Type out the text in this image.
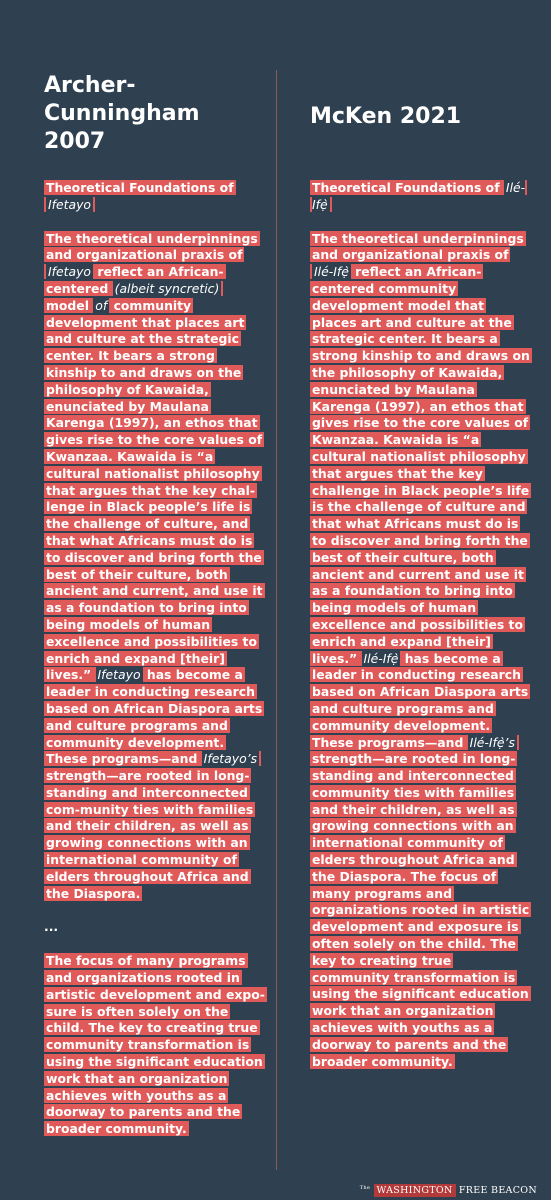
Archer-Cunningham 2007

Theoretical Foundations of Ifetayo

The theoretical underpinnings and organizational praxis of Ifetayo reflect an African-centered (albeit syncretic) model of community development that places art and culture at the strategic center. It bears a strong kinship to and draws on the philosophy of Kawaida, enunciated by Maulana Karenga (1997), an ethos that gives rise to the core values of Kwanzaa. Kawaida is “a cultural nationalist philosophy that argues that the key chal-lenge in Black people’s life is the challenge of culture, and that what Africans must do is to discover and bring forth the best of their culture, both ancient and current, and use it as a foundation to bring into being models of human excellence and possibilities to enrich and expand [their] lives.” Ifetayo has become a leader in conducting research based on African Diaspora arts and culture programs and community development. These programs—and Ifetayo’s strength—are rooted in long-standing and interconnected com-munity ties with families and their children, as well as growing connections with an international community of elders throughout Africa and the Diaspora.

...

The focus of many programs and organizations rooted in artistic development and expo-sure is often solely on the child. The key to creating true community transformation is using the significant education work that an organization achieves with youths as a doorway to parents and the broader community.

McKen 2021

Theoretical Foundations of Ilé-Ifẹ̀

The theoretical underpinnings and organizational praxis of Ilé-Ifẹ̀ reflect an African-centered community development model that places art and culture at the strategic center. It bears a strong kinship to and draws on the philosophy of Kawaida, enunciated by Maulana Karenga (1997), an ethos that gives rise to the core values of Kwanzaa. Kawaida is “a cultural nationalist philosophy that argues that the key challenge in Black people’s life is the challenge of culture and that what Africans must do is to discover and bring forth the best of their culture, both ancient and current and use it as a foundation to bring into being models of human excellence and possibilities to enrich and expand [their] lives.” Ilé-Ifẹ̀ has become a leader in conducting research based on African Diaspora arts and culture programs and community development. These programs—and Ilé-Ifẹ̀’s strength—are rooted in long-standing and interconnected community ties with families and their children, as well as growing connections with an international community of elders throughout Africa and the Diaspora. The focus of many programs and organizations rooted in artistic development and exposure is often solely on the child. The key to creating true community transformation is using the significant education work that an organization achieves with youths as a doorway to parents and the broader community.

$^{The}$ WASHINGTON FREE BEACON
